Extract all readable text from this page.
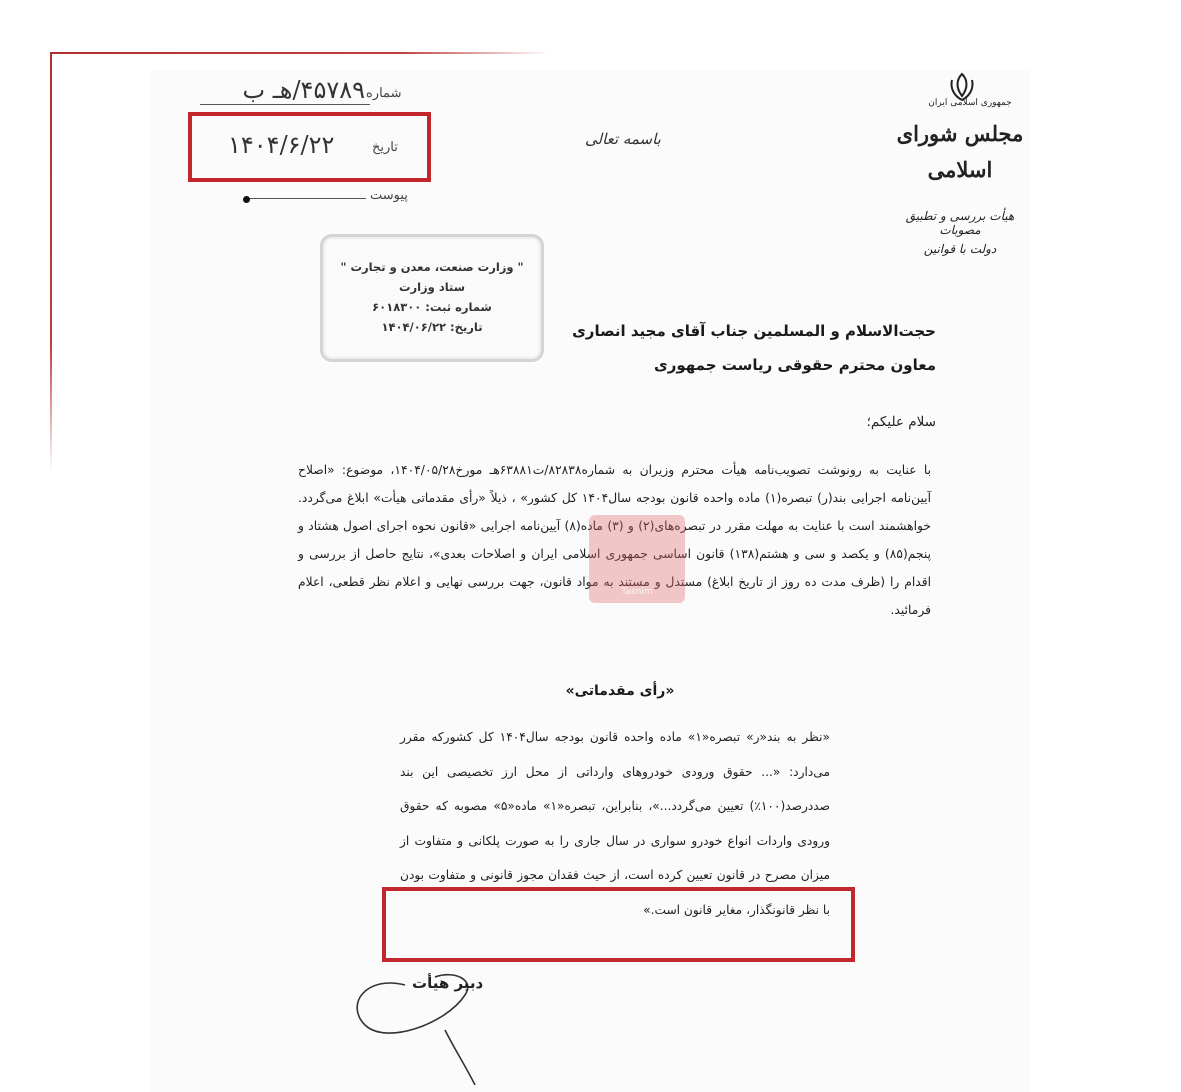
۴۵۷۸۹/هـ ب شماره
۱۴۰۴/۶/۲۲	تاریخ
پیوست
باسمه تعالی
جمهوری اسلامی ایران
مجلس شورای اسلامی
هیأت بررسی و تطبیق مصوبات
دولت با قوانین
" وزارت صنعت، معدن و تجارت "
ستاد وزارت
شماره ثبت: ۶۰۱۸۳۰۰
تاریخ: ۱۴۰۴/۰۶/۲۲	حجت‌الاسلام و المسلمین جناب آقای مجید انصاری
معاون محترم حقوقی ریاست جمهوری
سلام علیکم؛
با عنایت به رونوشت تصویب‌نامه هیأت محترم وزیران به شماره۸۲۸۳۸/ت۶۳۸۸۱هـ مورخ۱۴۰۴/۰۵/۲۸، موضوع: «اصلاح آیین‌نامه اجرایی بند(ر) تبصره(۱) ماده واحده قانون بودجه سال۱۴۰۴ کل کشور» ، ذیلاً «رأی مقدماتی هیأت» ابلاغ می‌گردد. خواهشمند است با عنایت به مهلت مقرر در تبصره‌های(۲) و (۳) ماده(۸) آیین‌نامه اجرایی «قانون نحوه اجرای اصول هشتاد و پنجم(۸۵) و یکصد و سی و هشتم(۱۳۸) قانون اساسی جمهوری اسلامی ایران و اصلاحات بعدی»، نتایج حاصل از بررسی و اقدام را (ظرف مدت ده روز از تاریخ ابلاغ) مستدل و مستند به مواد قانون، جهت بررسی نهایی و اعلام نظر قطعی، اعلام فرمائید.
Tasnim
«رأی مقدماتی»
«نظر به بند«ر» تبصره«۱» ماده واحده قانون بودجه سال۱۴۰۴ کل کشورکه مقرر می‌دارد: «... حقوق ورودی خودروهای وارداتی از محل ارز تخصیصی این بند صددرصد(۱۰۰٪) تعیین می‌گردد...»، بنابراین، تبصره«۱» ماده«۵» مصوبه که حقوق ورودی واردات انواع خودرو سواری در سال جاری را به صورت پلکانی و متفاوت از میزان مصرح در قانون تعیین کرده است، از حیث فقدان مجوز قانونی و متفاوت بودن با نظر قانونگذار، مغایر قانون است.»
دبیر هیأت
